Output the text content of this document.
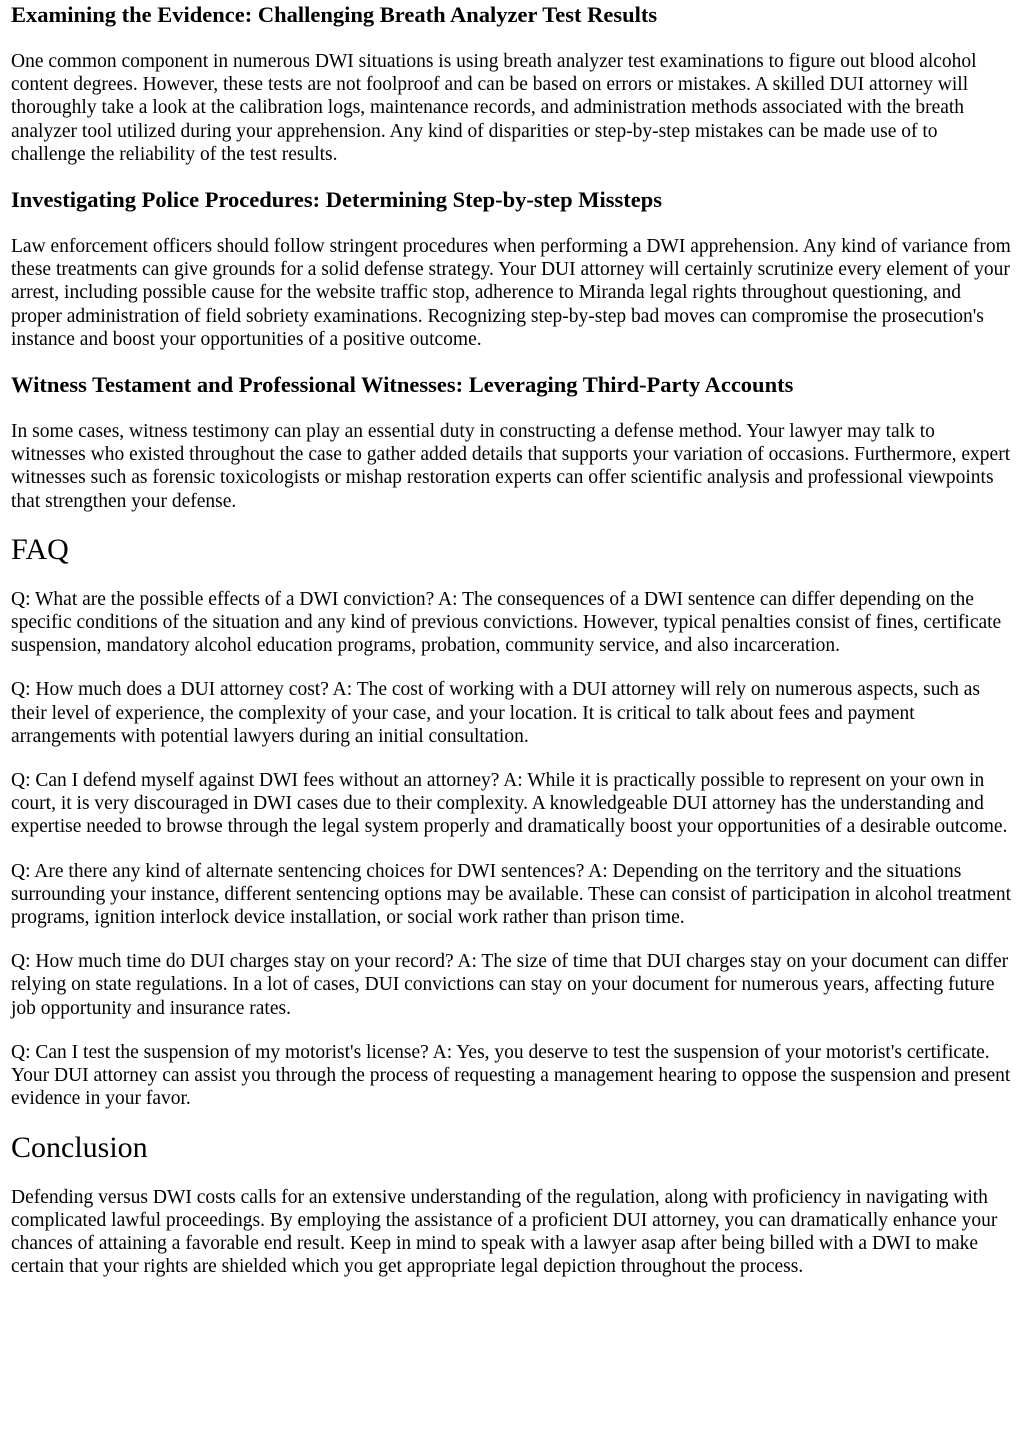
Examining the Evidence: Challenging Breath Analyzer Test Results

One common component in numerous DWI situations is using breath analyzer test examinations to figure out blood alcohol content degrees. However, these tests are not foolproof and can be based on errors or mistakes. A skilled DUI attorney will thoroughly take a look at the calibration logs, maintenance records, and administration methods associated with the breath analyzer tool utilized during your apprehension. Any kind of disparities or step-by-step mistakes can be made use of to challenge the reliability of the test results.

Investigating Police Procedures: Determining Step-by-step Missteps

Law enforcement officers should follow stringent procedures when performing a DWI apprehension. Any kind of variance from these treatments can give grounds for a solid defense strategy. Your DUI attorney will certainly scrutinize every element of your arrest, including possible cause for the website traffic stop, adherence to Miranda legal rights throughout questioning, and proper administration of field sobriety examinations. Recognizing step-by-step bad moves can compromise the prosecution's instance and boost your opportunities of a positive outcome.

Witness Testament and Professional Witnesses: Leveraging Third-Party Accounts

In some cases, witness testimony can play an essential duty in constructing a defense method. Your lawyer may talk to witnesses who existed throughout the case to gather added details that supports your variation of occasions. Furthermore, expert witnesses such as forensic toxicologists or mishap restoration experts can offer scientific analysis and professional viewpoints that strengthen your defense.

FAQ

Q: What are the possible effects of a DWI conviction? A: The consequences of a DWI sentence can differ depending on the specific conditions of the situation and any kind of previous convictions. However, typical penalties consist of fines, certificate suspension, mandatory alcohol education programs, probation, community service, and also incarceration.

Q: How much does a DUI attorney cost? A: The cost of working with a DUI attorney will rely on numerous aspects, such as their level of experience, the complexity of your case, and your location. It is critical to talk about fees and payment arrangements with potential lawyers during an initial consultation.

Q: Can I defend myself against DWI fees without an attorney? A: While it is practically possible to represent on your own in court, it is very discouraged in DWI cases due to their complexity. A knowledgeable DUI attorney has the understanding and expertise needed to browse through the legal system properly and dramatically boost your opportunities of a desirable outcome.

Q: Are there any kind of alternate sentencing choices for DWI sentences? A: Depending on the territory and the situations surrounding your instance, different sentencing options may be available. These can consist of participation in alcohol treatment programs, ignition interlock device installation, or social work rather than prison time.

Q: How much time do DUI charges stay on your record? A: The size of time that DUI charges stay on your document can differ relying on state regulations. In a lot of cases, DUI convictions can stay on your document for numerous years, affecting future job opportunity and insurance rates.

Q: Can I test the suspension of my motorist's license? A: Yes, you deserve to test the suspension of your motorist's certificate. Your DUI attorney can assist you through the process of requesting a management hearing to oppose the suspension and present evidence in your favor.

Conclusion

Defending versus DWI costs calls for an extensive understanding of the regulation, along with proficiency in navigating with complicated lawful proceedings. By employing the assistance of a proficient DUI attorney, you can dramatically enhance your chances of attaining a favorable end result. Keep in mind to speak with a lawyer asap after being billed with a DWI to make certain that your rights are shielded which you get appropriate legal depiction throughout the process.
